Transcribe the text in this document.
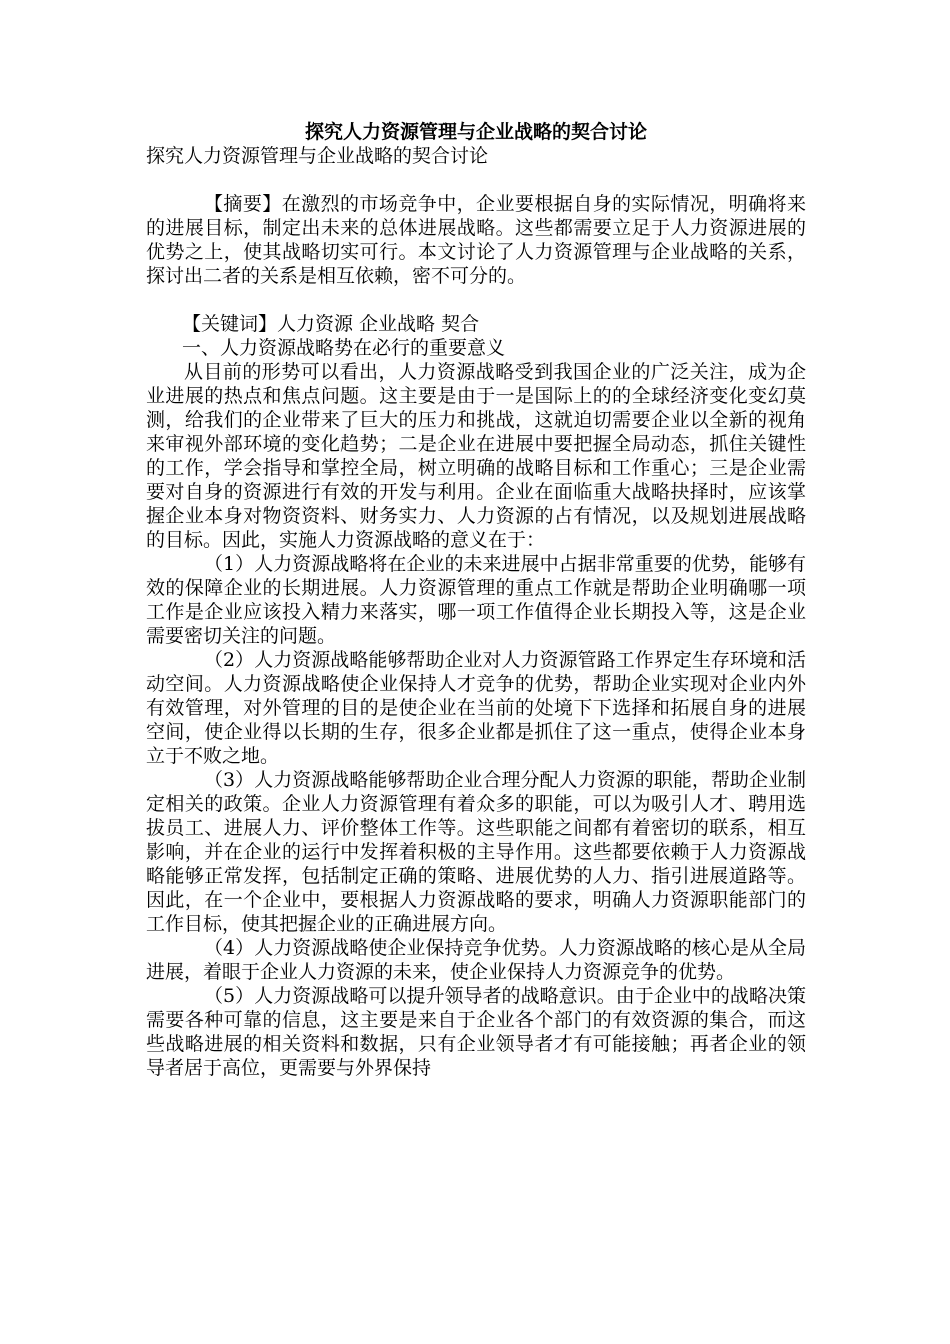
探究人力资源管理与企业战略的契合讨论

探究人力资源管理与企业战略的契合讨论

【摘要】在激烈的市场竞争中，企业要根据自身的实际情况，明确将来的进展目标，制定出未来的总体进展战略。这些都需要立足于人力资源进展的优势之上，使其战略切实可行。本文讨论了人力资源管理与企业战略的关系，探讨出二者的关系是相互依赖，密不可分的。

【关键词】人力资源 企业战略 契合

一、人力资源战略势在必行的重要意义

从目前的形势可以看出，人力资源战略受到我国企业的广泛关注，成为企业进展的热点和焦点问题。这主要是由于一是国际上的的全球经济变化变幻莫测，给我们的企业带来了巨大的压力和挑战，这就迫切需要企业以全新的视角来审视外部环境的变化趋势；二是企业在进展中要把握全局动态，抓住关键性的工作，学会指导和掌控全局，树立明确的战略目标和工作重心；三是企业需要对自身的资源进行有效的开发与利用。企业在面临重大战略抉择时，应该掌握企业本身对物资资料、财务实力、人力资源的占有情况，以及规划进展战略的目标。因此，实施人力资源战略的意义在于：

（1）人力资源战略将在企业的未来进展中占据非常重要的优势，能够有效的保障企业的长期进展。人力资源管理的重点工作就是帮助企业明确哪一项工作是企业应该投入精力来落实，哪一项工作值得企业长期投入等，这是企业需要密切关注的问题。

（2）人力资源战略能够帮助企业对人力资源管路工作界定生存环境和活动空间。人力资源战略使企业保持人才竞争的优势，帮助企业实现对企业内外有效管理，对外管理的目的是使企业在当前的处境下下选择和拓展自身的进展空间，使企业得以长期的生存，很多企业都是抓住了这一重点，使得企业本身立于不败之地。

（3）人力资源战略能够帮助企业合理分配人力资源的职能，帮助企业制定相关的政策。企业人力资源管理有着众多的职能，可以为吸引人才、聘用选拔员工、进展人力、评价整体工作等。这些职能之间都有着密切的联系，相互影响，并在企业的运行中发挥着积极的主导作用。这些都要依赖于人力资源战略能够正常发挥，包括制定正确的策略、进展优势的人力、指引进展道路等。因此，在一个企业中，要根据人力资源战略的要求，明确人力资源职能部门的工作目标，使其把握企业的正确进展方向。

（4）人力资源战略使企业保持竞争优势。人力资源战略的核心是从全局进展，着眼于企业人力资源的未来，使企业保持人力资源竞争的优势。

（5）人力资源战略可以提升领导者的战略意识。由于企业中的战略决策需要各种可靠的信息，这主要是来自于企业各个部门的有效资源的集合，而这些战略进展的相关资料和数据，只有企业领导者才有可能接触；再者企业的领导者居于高位，更需要与外界保持
